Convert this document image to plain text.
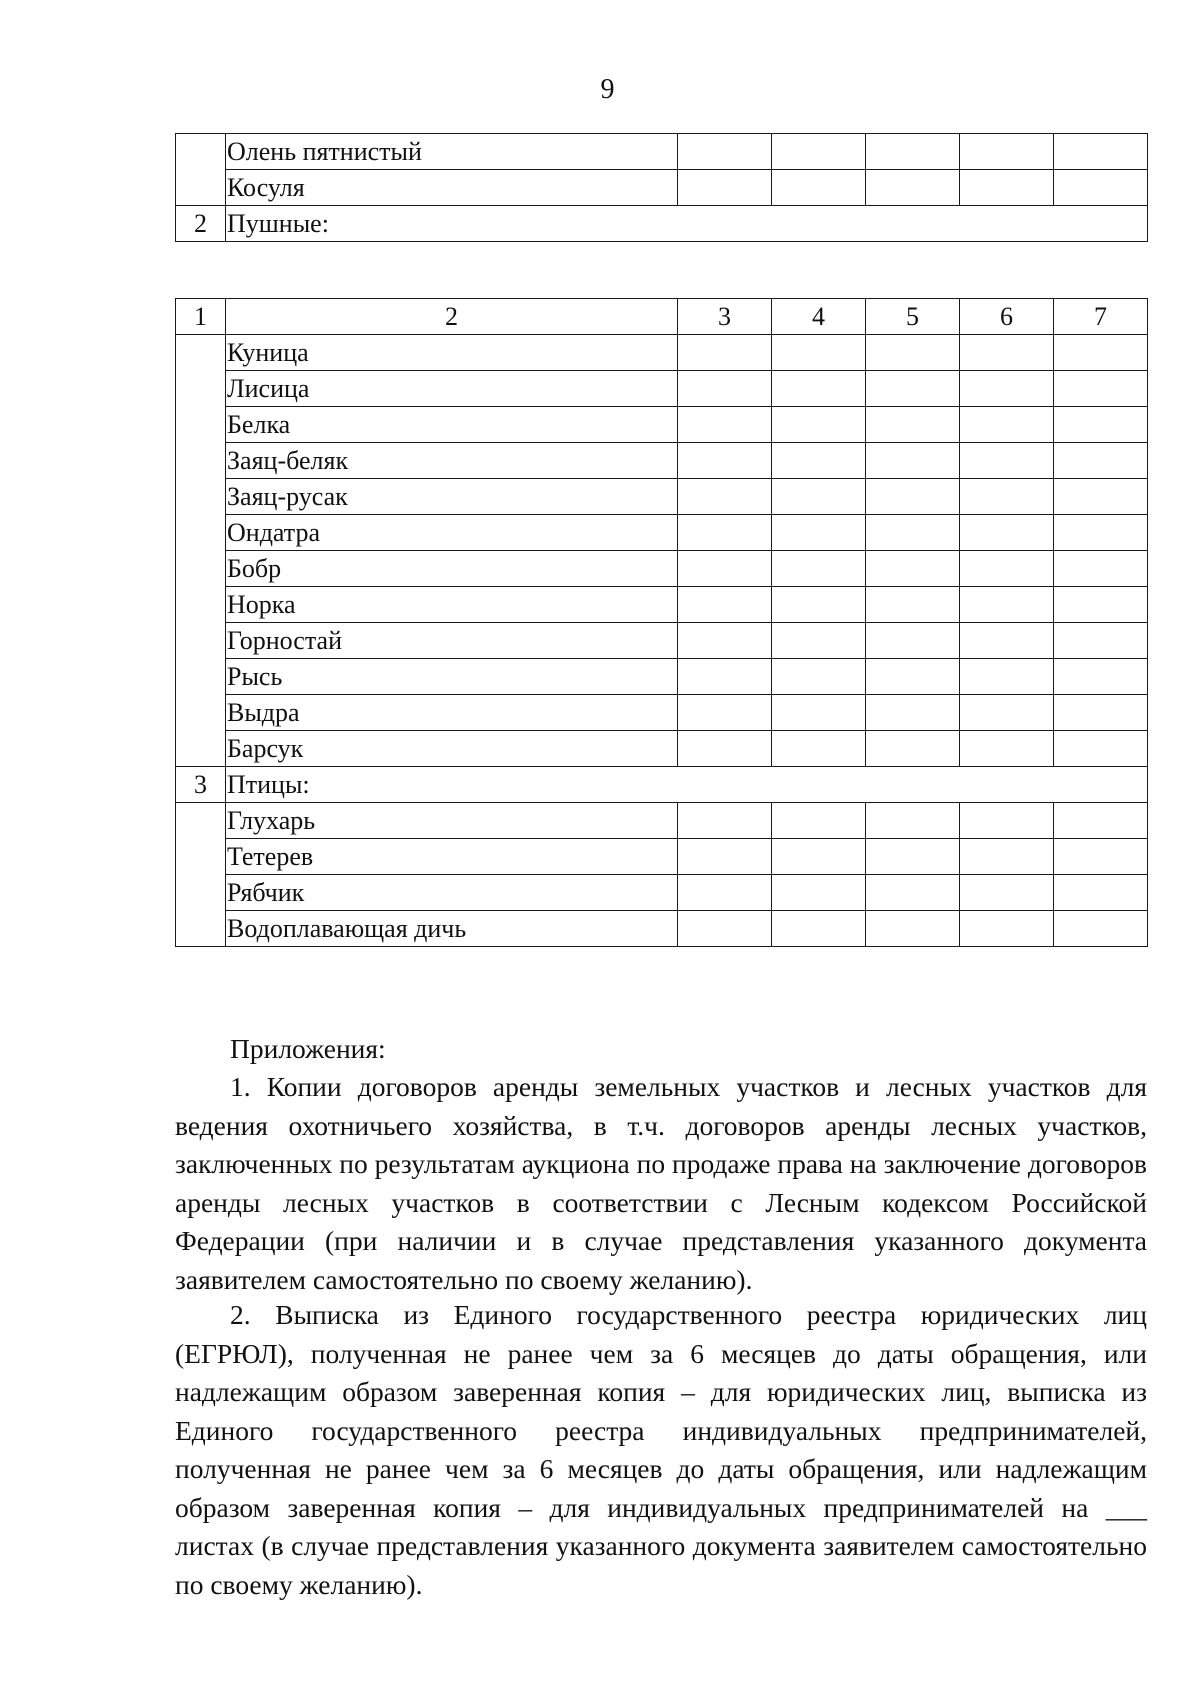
9
	Олень пятнистый					
	Косуля					
2	Пушные:					
1	2	3	4	5	6	7
	Куница					
	Лисица					
	Белка					
	Заяц-беляк					
	Заяц-русак					
	Ондатра					
	Бобр					
	Норка					
	Горностай					
	Рысь					
	Выдра					
	Барсук					
3	Птицы:					
	Глухарь					
	Тетерев					
	Рябчик					
	Водоплавающая дичь					
Приложения:

1. Копии договоров аренды земельных участков и лесных участков для ведения охотничьего хозяйства, в т.ч. договоров аренды лесных участков, заключенных по результатам аукциона по продаже права на заключение договоров аренды лесных участков в соответствии с Лесным кодексом Российской Федерации (при наличии и в случае представления указанного документа заявителем самостоятельно по своему желанию).

2. Выписка из Единого государственного реестра юридических лиц (ЕГРЮЛ), полученная не ранее чем за 6 месяцев до даты обращения, или надлежащим образом заверенная копия – для юридических лиц, выписка из Единого государственного реестра индивидуальных предпринимателей, полученная не ранее чем за 6 месяцев до даты обращения, или надлежащим образом заверенная копия – для индивидуальных предпринимателей на ___ листах (в случае представления указанного документа заявителем самостоятельно по своему желанию).
